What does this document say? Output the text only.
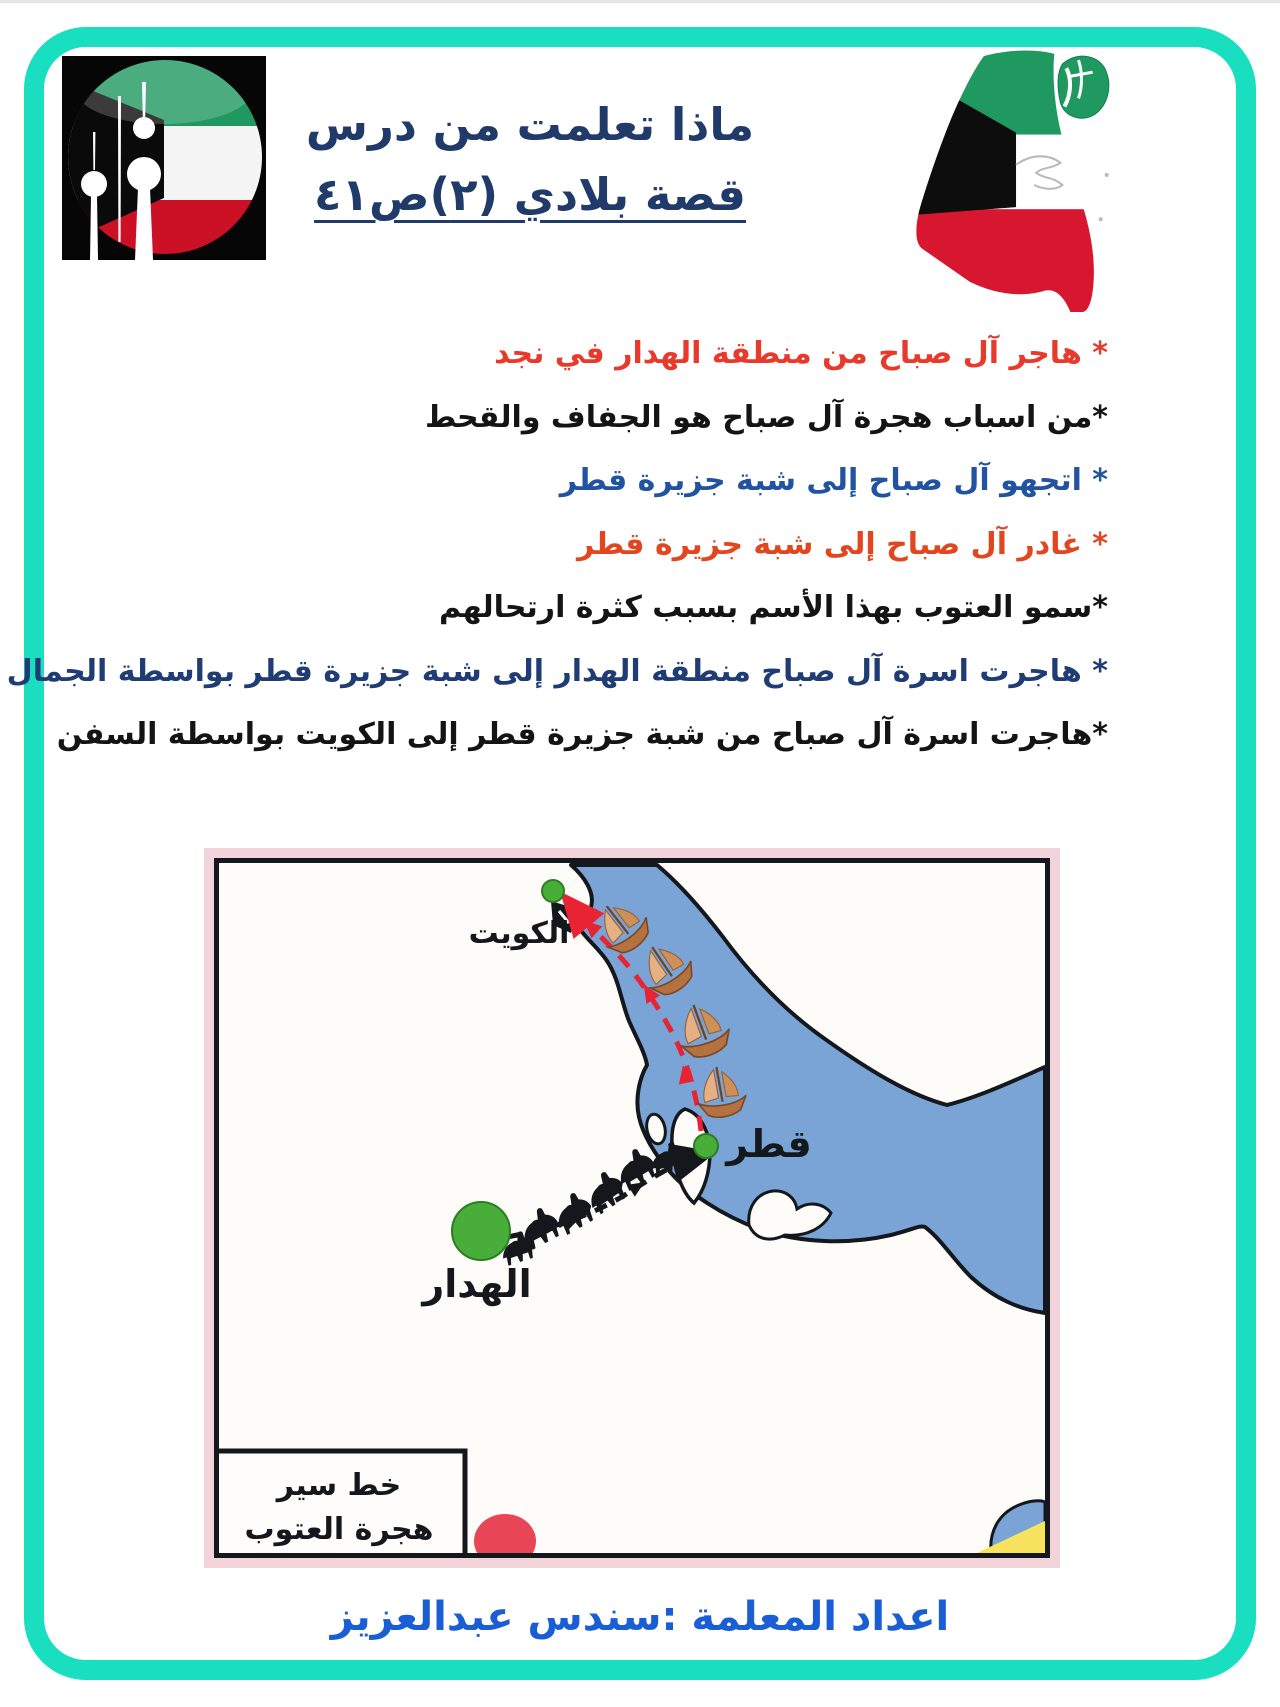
ماذا تعلمت من درس
قصة بلادي (٢)ص٤١
* هاجر آل صباح من منطقة الهدار في نجد
*من اسباب هجرة آل صباح هو الجفاف والقحط
* اتجهو آل صباح إلى شبة جزيرة قطر
* غادر آل صباح إلى شبة جزيرة قطر
*سمو العتوب بهذا الأسم بسبب كثرة ارتحالهم
* هاجرت اسرة آل صباح منطقة الهدار إلى شبة جزيرة قطر بواسطة الجمال
*هاجرت اسرة آل صباح من شبة جزيرة قطر إلى الكويت بواسطة السفن
الكويت
قطر
الهدار
خط سير
هجرة العتوب
اعداد المعلمة :سندس عبدالعزيز
